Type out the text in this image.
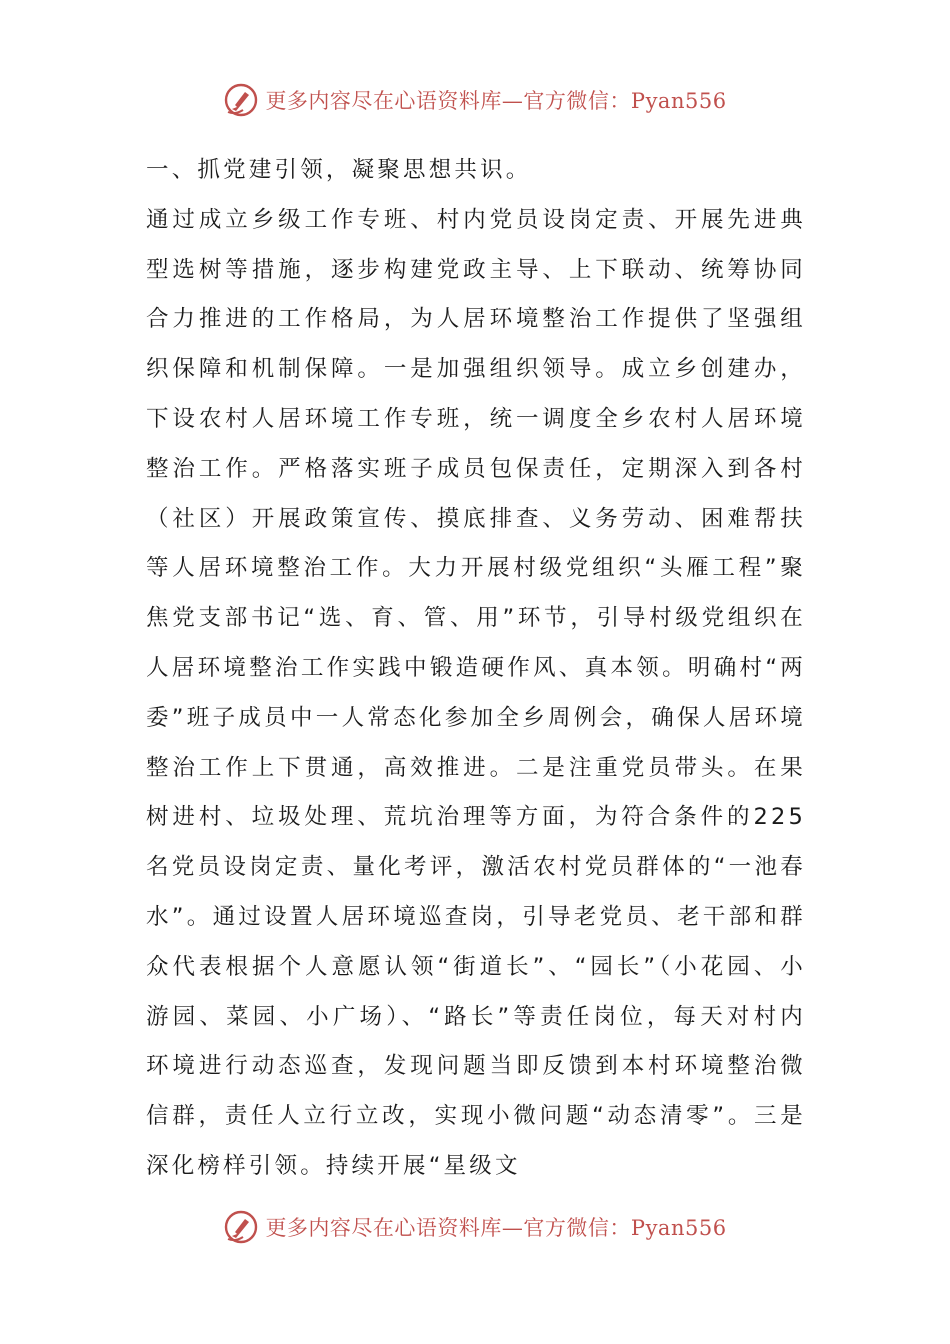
更多内容尽在心语资料库—官方微信：Pyan556

一、抓党建引领，凝聚思想共识。

通过成立乡级工作专班、村内党员设岗定责、开展先进典型选树等措施，逐步构建党政主导、上下联动、统筹协同合力推进的工作格局，为人居环境整治工作提供了坚强组织保障和机制保障。一是加强组织领导。成立乡创建办，下设农村人居环境工作专班，统一调度全乡农村人居环境整治工作。严格落实班子成员包保责任，定期深入到各村（社区）开展政策宣传、摸底排查、义务劳动、困难帮扶等人居环境整治工作。大力开展村级党组织“头雁工程”聚焦党支部书记“选、育、管、用”环节，引导村级党组织在人居环境整治工作实践中锻造硬作风、真本领。明确村“两委”班子成员中一人常态化参加全乡周例会，确保人居环境整治工作上下贯通，高效推进。二是注重党员带头。在果树进村、垃圾处理、荒坑治理等方面，为符合条件的225名党员设岗定责、量化考评，激活农村党员群体的“一池春水”。通过设置人居环境巡查岗，引导老党员、老干部和群众代表根据个人意愿认领“街道长”、“园长”（小花园、小游园、菜园、小广场）、“路长”等责任岗位，每天对村内环境进行动态巡查，发现问题当即反馈到本村环境整治微信群，责任人立行立改，实现小微问题“动态清零”。三是深化榜样引领。持续开展“星级文

更多内容尽在心语资料库—官方微信：Pyan556
